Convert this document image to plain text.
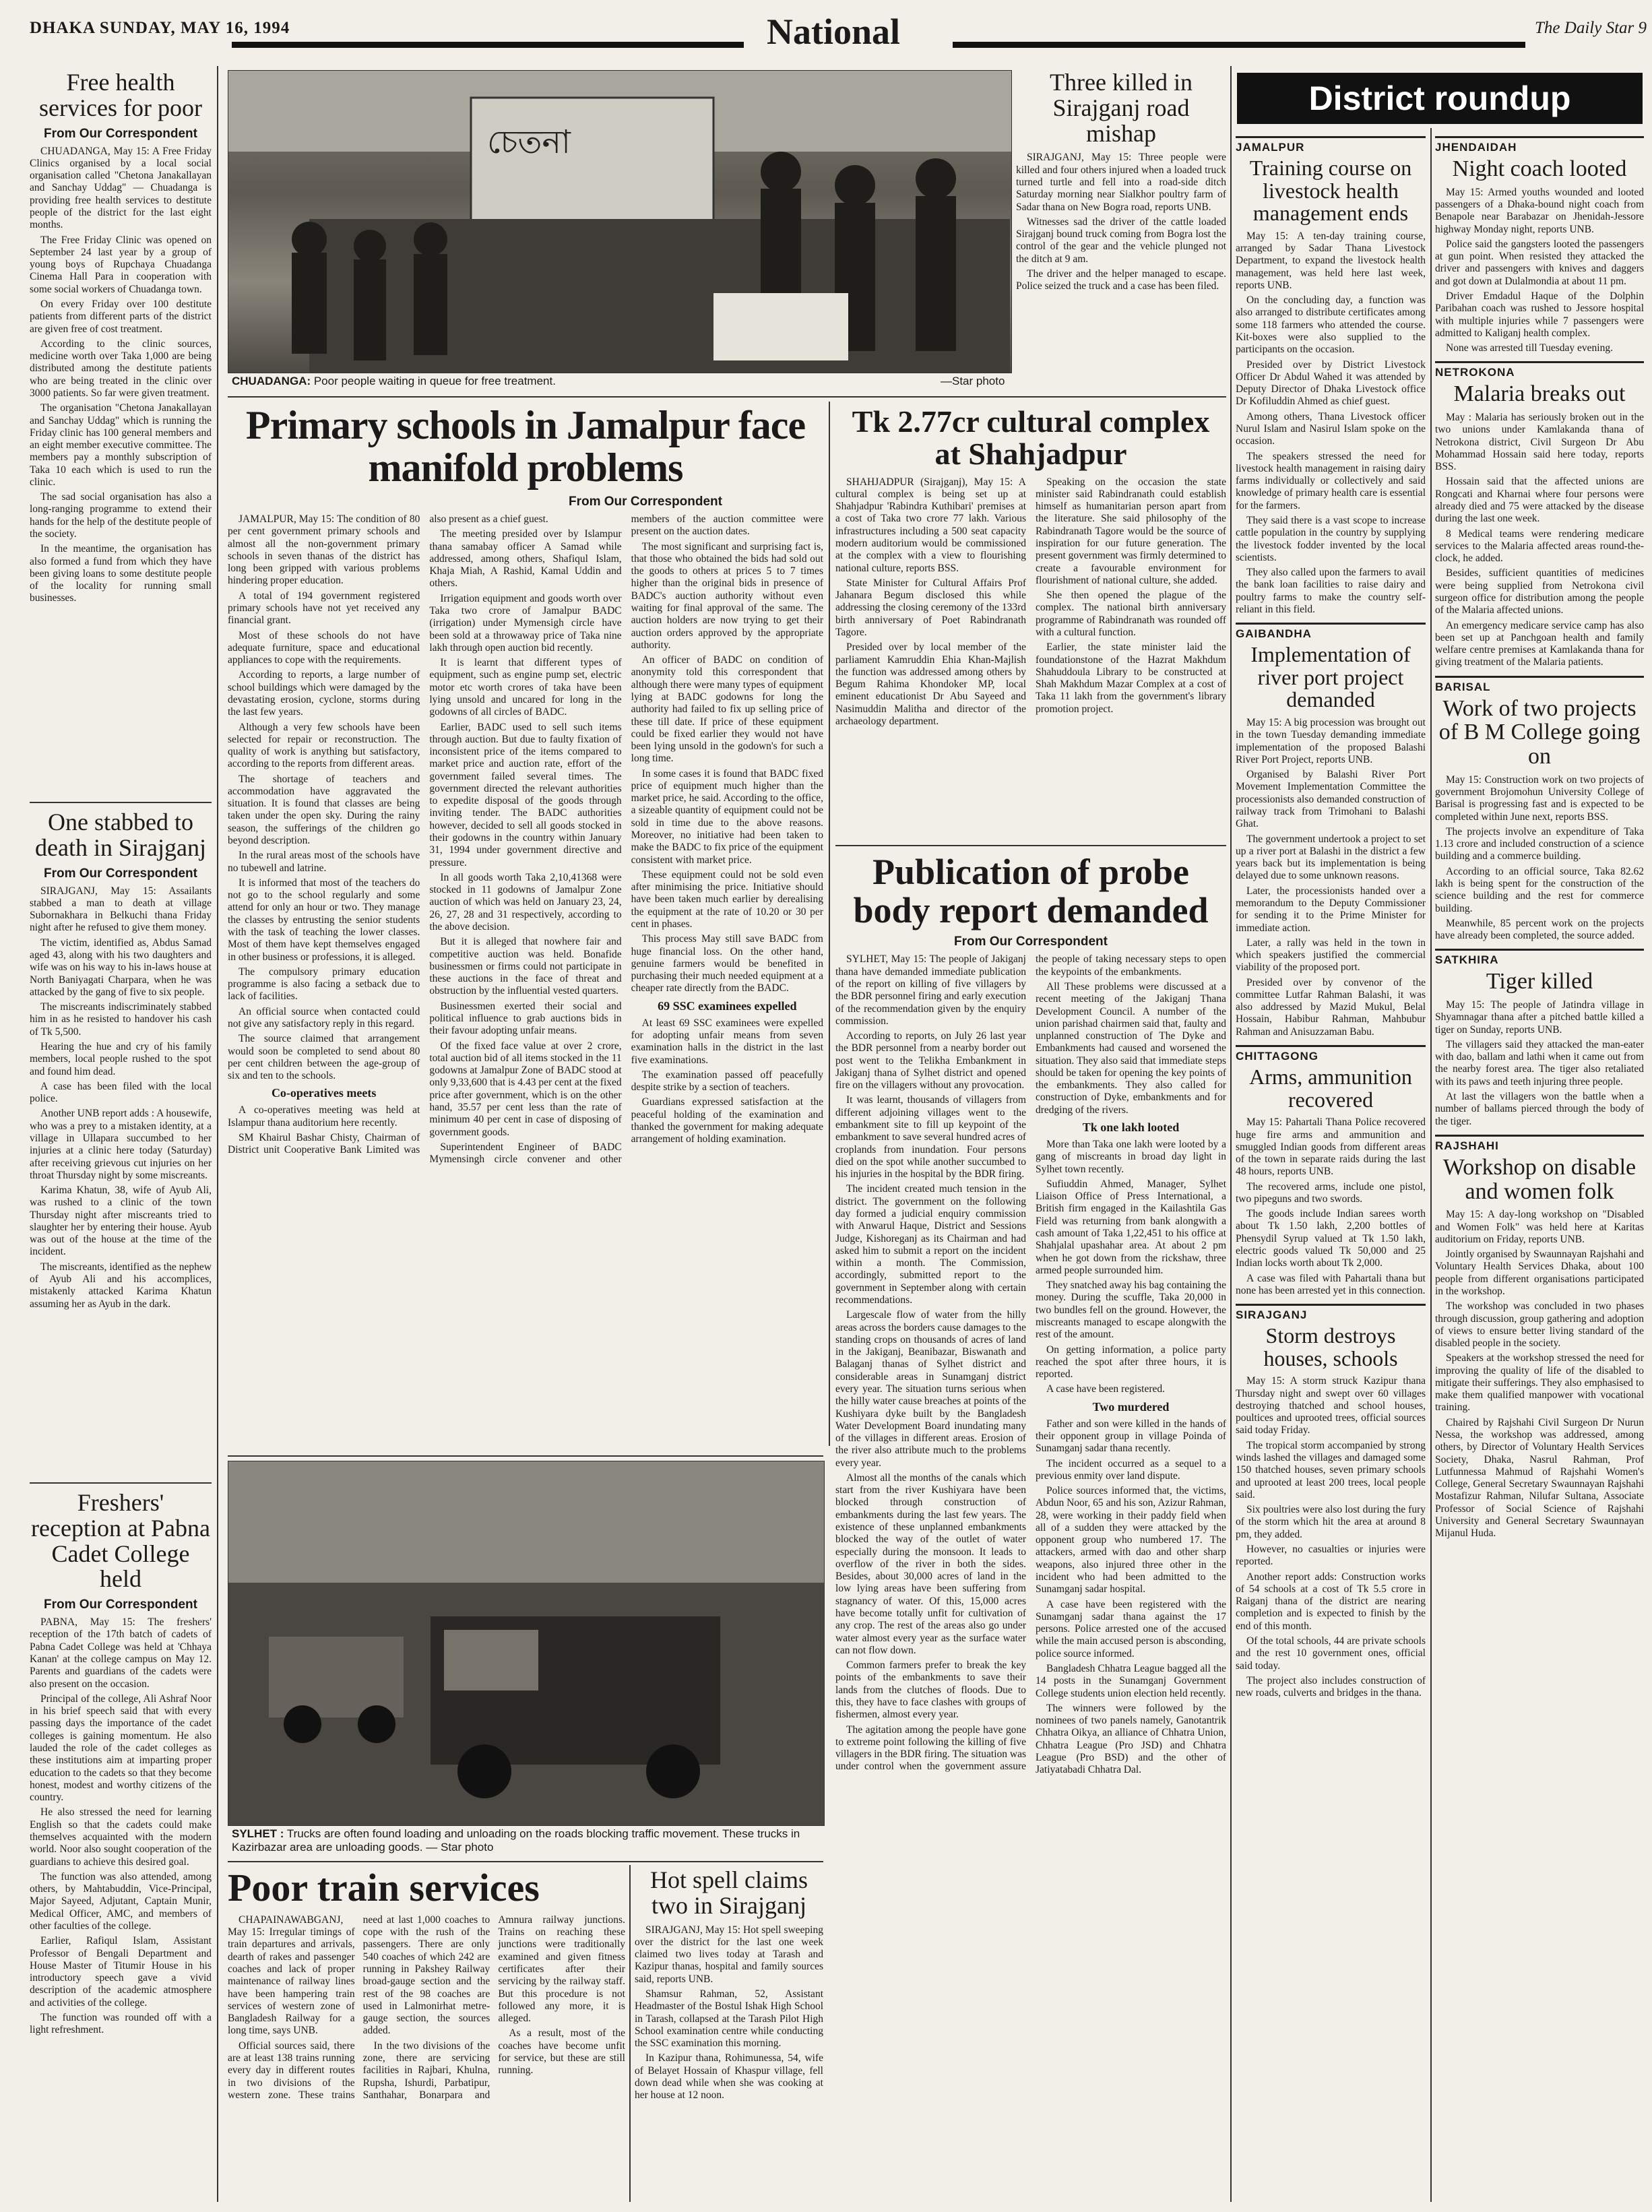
DHAKA SUNDAY, MAY 16, 1994	National	The Daily Star 9
Free health services for poor
From Our Correspondent

CHUADANGA, May 15: A Free Friday Clinics organised by a local social organisation called "Chetona Janakallayan and Sanchay Uddag" — Chuadanga is providing free health services to destitute people of the district for the last eight months.

The Free Friday Clinic was opened on September 24 last year by a group of young boys of Rupchaya Chuadanga Cinema Hall Para in cooperation with some social workers of Chuadanga town.

On every Friday over 100 destitute patients from different parts of the district are given free of cost treatment.

According to the clinic sources, medicine worth over Taka 1,000 are being distributed among the destitute patients who are being treated in the clinic over 3000 patients. So far were given treatment.

The organisation "Chetona Janakallayan and Sanchay Uddag" which is running the Friday clinic has 100 general members and an eight member executive committee. The members pay a monthly subscription of Taka 10 each which is used to run the clinic.

The sad social organisation has also a long-ranging programme to extend their hands for the help of the destitute people of the society.

In the meantime, the organisation has also formed a fund from which they have been giving loans to some destitute people of the locality for running small businesses.

One stabbed to death in Sirajganj
From Our Correspondent

SIRAJGANJ, May 15: Assailants stabbed a man to death at village Subornakhara in Belkuchi thana Friday night after he refused to give them money.

The victim, identified as, Abdus Samad aged 43, along with his two daughters and wife was on his way to his in-laws house at North Baniyagati Charpara, when he was attacked by the gang of five to six people.

The miscreants indiscriminately stabbed him in as he resisted to handover his cash of Tk 5,500.

Hearing the hue and cry of his family members, local people rushed to the spot and found him dead.

A case has been filed with the local police.

Another UNB report adds : A housewife, who was a prey to a mistaken identity, at a village in Ullapara succumbed to her injuries at a clinic here today (Saturday) after receiving grievous cut injuries on her throat Thursday night by some miscreants.

Karima Khatun, 38, wife of Ayub Ali, was rushed to a clinic of the town Thursday night after miscreants tried to slaughter her by entering their house. Ayub was out of the house at the time of the incident.

The miscreants, identified as the nephew of Ayub Ali and his accomplices, mistakenly attacked Karima Khatun assuming her as Ayub in the dark.

Freshers' reception at Pabna Cadet College held
From Our Correspondent

PABNA, May 15: The freshers' reception of the 17th batch of cadets of Pabna Cadet College was held at 'Chhaya Kanan' at the college campus on May 12. Parents and guardians of the cadets were also present on the occasion.

Principal of the college, Ali Ashraf Noor in his brief speech said that with every passing days the importance of the cadet colleges is gaining momentum. He also lauded the role of the cadet colleges as these institutions aim at imparting proper education to the cadets so that they become honest, modest and worthy citizens of the country.

He also stressed the need for learning English so that the cadets could make themselves acquainted with the modern world. Noor also sought cooperation of the guardians to achieve this desired goal.

The function was also attended, among others, by Mahtabuddin, Vice-Principal, Major Sayeed, Adjutant, Captain Munir, Medical Officer, AMC, and members of other faculties of the college.

Earlier, Rafiqul Islam, Assistant Professor of Bengali Department and House Master of Titumir House in his introductory speech gave a vivid description of the academic atmosphere and activities of the college.

The function was rounded off with a light refreshment.

চেতনা
CHUADANGA: Poor people waiting in queue for free treatment.	—Star photo
Three killed in Sirajganj road mishap

SIRAJGANJ, May 15: Three people were killed and four others injured when a loaded truck turned turtle and fell into a road-side ditch Saturday morning near Sialkhor poultry farm of Sadar thana on New Bogra road, reports UNB.

Witnesses sad the driver of the cattle loaded Sirajganj bound truck coming from Bogra lost the control of the gear and the vehicle plunged not the ditch at 9 am.

The driver and the helper managed to escape. Police seized the truck and a case has been filed.

Primary schools in Jamalpur face manifold problems
From Our Correspondent

JAMALPUR, May 15: The condition of 80 per cent government primary schools and almost all the non-government primary schools in seven thanas of the district has long been gripped with various problems hindering proper education.

A total of 194 government registered primary schools have not yet received any financial grant.

Most of these schools do not have adequate furniture, space and educational appliances to cope with the requirements.

According to reports, a large number of school buildings which were damaged by the devastating erosion, cyclone, storms during the last few years.

Although a very few schools have been selected for repair or reconstruction. The quality of work is anything but satisfactory, according to the reports from different areas.

The shortage of teachers and accommodation have aggravated the situation. It is found that classes are being taken under the open sky. During the rainy season, the sufferings of the children go beyond description.

In the rural areas most of the schools have no tubewell and latrine.

It is informed that most of the teachers do not go to the school regularly and some attend for only an hour or two. They manage the classes by entrusting the senior students with the task of teaching the lower classes. Most of them have kept themselves engaged in other business or professions, it is alleged.

The compulsory primary education programme is also facing a setback due to lack of facilities.

An official source when contacted could not give any satisfactory reply in this regard.

The source claimed that arrangement would soon be completed to send about 80 per cent children between the age-group of six and ten to the schools.

Co-operatives meets

A co-operatives meeting was held at Islampur thana auditorium here recently.

SM Khairul Bashar Chisty, Chairman of District unit Cooperative Bank Limited was also present as a chief guest.

The meeting presided over by Islampur thana samabay officer A Samad while addressed, among others, Shafiqul Islam, Khaja Miah, A Rashid, Kamal Uddin and others.

Irrigation equipment and goods worth over Taka two crore of Jamalpur BADC (irrigation) under Mymensigh circle have been sold at a throwaway price of Taka nine lakh through open auction bid recently.

It is learnt that different types of equipment, such as engine pump set, electric motor etc worth crores of taka have been lying unsold and uncared for long in the godowns of all circles of BADC.

Earlier, BADC used to sell such items through auction. But due to faulty fixation of inconsistent price of the items compared to market price and auction rate, effort of the government failed several times. The government directed the relevant authorities to expedite disposal of the goods through inviting tender. The BADC authorities however, decided to sell all goods stocked in their godowns in the country within January 31, 1994 under government directive and pressure.

In all goods worth Taka 2,10,41368 were stocked in 11 godowns of Jamalpur Zone auction of which was held on January 23, 24, 26, 27, 28 and 31 respectively, according to the above decision.

But it is alleged that nowhere fair and competitive auction was held. Bonafide businessmen or firms could not participate in these auctions in the face of threat and obstruction by the influential vested quarters.

Businessmen exerted their social and political influence to grab auctions bids in their favour adopting unfair means.

Of the fixed face value at over 2 crore, total auction bid of all items stocked in the 11 godowns at Jamalpur Zone of BADC stood at only 9,33,600 that is 4.43 per cent at the fixed price after government, which is on the other hand, 35.57 per cent less than the rate of minimum 40 per cent in case of disposing of government goods.

Superintendent Engineer of BADC Mymensingh circle convener and other members of the auction committee were present on the auction dates.

The most significant and surprising fact is, that those who obtained the bids had sold out the goods to others at prices 5 to 7 times higher than the original bids in presence of BADC's auction authority without even waiting for final approval of the same. The auction holders are now trying to get their auction orders approved by the appropriate authority.

An officer of BADC on condition of anonymity told this correspondent that although there were many types of equipment lying at BADC godowns for long the authority had failed to fix up selling price of these till date. If price of these equipment could be fixed earlier they would not have been lying unsold in the godown's for such a long time.

In some cases it is found that BADC fixed price of equipment much higher than the market price, he said. According to the office, a sizeable quantity of equipment could not be sold in time due to the above reasons. Moreover, no initiative had been taken to make the BADC to fix price of the equipment consistent with market price.

These equipment could not be sold even after minimising the price. Initiative should have been taken much earlier by derealising the equipment at the rate of 10.20 or 30 per cent in phases.

This process May still save BADC from huge financial loss. On the other hand, genuine farmers would be benefited in purchasing their much needed equipment at a cheaper rate directly from the BADC.

69 SSC examinees expelled

At least 69 SSC examinees were expelled for adopting unfair means from seven examination halls in the district in the last five examinations.

The examination passed off peacefully despite strike by a section of teachers.

Guardians expressed satisfaction at the peaceful holding of the examination and thanked the government for making adequate arrangement of holding examination.

Tk 2.77cr cultural complex at Shahjadpur

SHAHJADPUR (Sirajganj), May 15: A cultural complex is being set up at Shahjadpur 'Rabindra Kuthibari' premises at a cost of Taka two crore 77 lakh. Various infrastructures including a 500 seat capacity modern auditorium would be commissioned at the complex with a view to flourishing national culture, reports BSS.

State Minister for Cultural Affairs Prof Jahanara Begum disclosed this while addressing the closing ceremony of the 133rd birth anniversary of Poet Rabindranath Tagore.

Presided over by local member of the parliament Kamruddin Ehia Khan-Majlish the function was addressed among others by Begum Rahima Khondoker MP, local eminent educationist Dr Abu Sayeed and Nasimuddin Malitha and director of the archaeology department.

Speaking on the occasion the state minister said Rabindranath could establish himself as humanitarian person apart from the literature. She said philosophy of the Rabindranath Tagore would be the source of inspiration for our future generation. The present government was firmly determined to create a favourable environment for flourishment of national culture, she added.

She then opened the plague of the complex. The national birth anniversary programme of Rabindranath was rounded off with a cultural function.

Earlier, the state minister laid the foundationstone of the Hazrat Makhdum Shahuddoula Library to be constructed at Shah Makhdum Mazar Complex at a cost of Taka 11 lakh from the government's library promotion project.

Publication of probe body report demanded
From Our Correspondent

SYLHET, May 15: The people of Jakiganj thana have demanded immediate publication of the report on killing of five villagers by the BDR personnel firing and early execution of the recommendation given by the enquiry commission.

According to reports, on July 26 last year the BDR personnel from a nearby border out post went to the Telikha Embankment in Jakiganj thana of Sylhet district and opened fire on the villagers without any provocation.

It was learnt, thousands of villagers from different adjoining villages went to the embankment site to fill up keypoint of the embankment to save several hundred acres of croplands from inundation. Four persons died on the spot while another succumbed to his injuries in the hospital by the BDR firing.

The incident created much tension in the district. The government on the following day formed a judicial enquiry commission with Anwarul Haque, District and Sessions Judge, Kishoreganj as its Chairman and had asked him to submit a report on the incident within a month. The Commission, accordingly, submitted report to the government in September along with certain recommendations.

Largescale flow of water from the hilly areas across the borders cause damages to the standing crops on thousands of acres of land in the Jakiganj, Beanibazar, Biswanath and Balaganj thanas of Sylhet district and considerable areas in Sunamganj district every year. The situation turns serious when the hilly water cause breaches at points of the Kushiyara dyke built by the Bangladesh Water Development Board inundating many of the villages in different areas. Erosion of the river also attribute much to the problems every year.

Almost all the months of the canals which start from the river Kushiyara have been blocked through construction of embankments during the last few years. The existence of these unplanned embankments blocked the way of the outlet of water especially during the monsoon. It leads to overflow of the river in both the sides. Besides, about 30,000 acres of land in the low lying areas have been suffering from stagnancy of water. Of this, 15,000 acres have become totally unfit for cultivation of any crop. The rest of the areas also go under water almost every year as the surface water can not flow down.

Common farmers prefer to break the key points of the embankments to save their lands from the clutches of floods. Due to this, they have to face clashes with groups of fishermen, almost every year.

The agitation among the people have gone to extreme point following the killing of five villagers in the BDR firing. The situation was under control when the government assure the people of taking necessary steps to open the keypoints of the embankments.

All These problems were discussed at a recent meeting of the Jakiganj Thana Development Council. A number of the union parishad chairmen said that, faulty and unplanned construction of The Dyke and Embankments had caused and worsened the situation. They also said that immediate steps should be taken for opening the key points of the embankments. They also called for construction of Dyke, embankments and for dredging of the rivers.

Tk one lakh looted

More than Taka one lakh were looted by a gang of miscreants in broad day light in Sylhet town recently.

Sufiuddin Ahmed, Manager, Sylhet Liaison Office of Press International, a British firm engaged in the Kailashtila Gas Field was returning from bank alongwith a cash amount of Taka 1,22,451 to his office at Shahjalal upashahar area. At about 2 pm when he got down from the rickshaw, three armed people surrounded him.

They snatched away his bag containing the money. During the scuffle, Taka 20,000 in two bundles fell on the ground. However, the miscreants managed to escape alongwith the rest of the amount.

On getting information, a police party reached the spot after three hours, it is reported.

A case have been registered.

Two murdered

Father and son were killed in the hands of their opponent group in village Poinda of Sunamganj sadar thana recently.

The incident occurred as a sequel to a previous enmity over land dispute.

Police sources informed that, the victims, Abdun Noor, 65 and his son, Azizur Rahman, 28, were working in their paddy field when all of a sudden they were attacked by the opponent group who numbered 17. The attackers, armed with dao and other sharp weapons, also injured three other in the incident who had been admitted to the Sunamganj sadar hospital.

A case have been registered with the Sunamganj sadar thana against the 17 persons. Police arrested one of the accused while the main accused person is absconding, police source informed.

Bangladesh Chhatra League bagged all the 14 posts in the Sunamganj Government College students union election held recently.

The winners were followed by the nominees of two panels namely, Ganotantrik Chhatra Oikya, an alliance of Chhatra Union, Chhatra League (Pro JSD) and Chhatra League (Pro BSD) and the other of Jatiyatabadi Chhatra Dal.

SYLHET : Trucks are often found loading and unloading on the roads blocking traffic movement. These trucks in Kazirbazar area are unloading goods. — Star photo
Poor train services

CHAPAINAWABGANJ, May 15: Irregular timings of train departures and arrivals, dearth of rakes and passenger coaches and lack of proper maintenance of railway lines have been hampering train services of western zone of Bangladesh Railway for a long time, says UNB.

Official sources said, there are at least 138 trains running every day in different routes in two divisions of the western zone. These trains need at last 1,000 coaches to cope with the rush of the passengers. There are only 540 coaches of which 242 are running in Pakshey Railway broad-gauge section and the rest of the 98 coaches are used in Lalmonirhat metre-gauge section, the sources added.

In the two divisions of the zone, there are servicing facilities in Rajbari, Khulna, Rupsha, Ishurdi, Parbatipur, Santhahar, Bonarpara and Amnura railway junctions. Trains on reaching these junctions were traditionally examined and given fitness certificates after their servicing by the railway staff. But this procedure is not followed any more, it is alleged.

As a result, most of the coaches have become unfit for service, but these are still running.

Hot spell claims two in Sirajganj

SIRAJGANJ, May 15: Hot spell sweeping over the district for the last one week claimed two lives today at Tarash and Kazipur thanas, hospital and family sources said, reports UNB.

Shamsur Rahman, 52, Assistant Headmaster of the Bostul Ishak High School in Tarash, collapsed at the Tarash Pilot High School examination centre while conducting the SSC examination this morning.

In Kazipur thana, Rohimunessa, 54, wife of Belayet Hossain of Khaspur village, fell down dead while when she was cooking at her house at 12 noon.

District roundup
JAMALPUR
Training course on livestock health management ends

May 15: A ten-day training course, arranged by Sadar Thana Livestock Department, to expand the livestock health management, was held here last week, reports UNB.

On the concluding day, a function was also arranged to distribute certificates among some 118 farmers who attended the course. Kit-boxes were also supplied to the participants on the occasion.

Presided over by District Livestock Officer Dr Abdul Wahed it was attended by Deputy Director of Dhaka Livestock office Dr Kofiluddin Ahmed as chief guest.

Among others, Thana Livestock officer Nurul Islam and Nasirul Islam spoke on the occasion.

The speakers stressed the need for livestock health management in raising dairy farms individually or collectively and said knowledge of primary health care is essential for the farmers.

They said there is a vast scope to increase cattle population in the country by supplying the livestock fodder invented by the local scientists.

They also called upon the farmers to avail the bank loan facilities to raise dairy and poultry farms to make the country self-reliant in this field.

GAIBANDHA
Implementation of river port project demanded

May 15: A big procession was brought out in the town Tuesday demanding immediate implementation of the proposed Balashi River Port Project, reports UNB.

Organised by Balashi River Port Movement Implementation Committee the processionists also demanded construction of railway track from Trimohani to Balashi Ghat.

The government undertook a project to set up a river port at Balashi in the district a few years back but its implementation is being delayed due to some unknown reasons.

Later, the processionists handed over a memorandum to the Deputy Commissioner for sending it to the Prime Minister for immediate action.

Later, a rally was held in the town in which speakers justified the commercial viability of the proposed port.

Presided over by convenor of the committee Lutfar Rahman Balashi, it was also addressed by Mazid Mukul, Belal Hossain, Habibur Rahman, Mahbubur Rahman and Anisuzzaman Babu.

CHITTAGONG
Arms, ammunition recovered

May 15: Pahartali Thana Police recovered huge fire arms and ammunition and smuggled Indian goods from different areas of the town in separate raids during the last 48 hours, reports UNB.

The recovered arms, include one pistol, two pipeguns and two swords.

The goods include Indian sarees worth about Tk 1.50 lakh, 2,200 bottles of Phensydil Syrup valued at Tk 1.50 lakh, electric goods valued Tk 50,000 and 25 Indian locks worth about Tk 2,000.

A case was filed with Pahartali thana but none has been arrested yet in this connection.

SIRAJGANJ
Storm destroys houses, schools

May 15: A storm struck Kazipur thana Thursday night and swept over 60 villages destroying thatched and school houses, poultices and uprooted trees, official sources said today Friday.

The tropical storm accompanied by strong winds lashed the villages and damaged some 150 thatched houses, seven primary schools and uprooted at least 200 trees, local people said.

Six poultries were also lost during the fury of the storm which hit the area at around 8 pm, they added.

However, no casualties or injuries were reported.

Another report adds: Construction works of 54 schools at a cost of Tk 5.5 crore in Raiganj thana of the district are nearing completion and is expected to finish by the end of this month.

Of the total schools, 44 are private schools and the rest 10 government ones, official said today.

The project also includes construction of new roads, culverts and bridges in the thana.

JHENDAIDAH
Night coach looted

May 15: Armed youths wounded and looted passengers of a Dhaka-bound night coach from Benapole near Barabazar on Jhenidah-Jessore highway Monday night, reports UNB.

Police said the gangsters looted the passengers at gun point. When resisted they attacked the driver and passengers with knives and daggers and got down at Dulalmondia at about 11 pm.

Driver Emdadul Haque of the Dolphin Paribahan coach was rushed to Jessore hospital with multiple injuries while 7 passengers were admitted to Kaliganj health complex.

None was arrested till Tuesday evening.

NETROKONA
Malaria breaks out

May : Malaria has seriously broken out in the two unions under Kamlakanda thana of Netrokona district, Civil Surgeon Dr Abu Mohammad Hossain said here today, reports BSS.

Hossain said that the affected unions are Rongcati and Kharnai where four persons were already died and 75 were attacked by the disease during the last one week.

8 Medical teams were rendering medicare services to the Malaria affected areas round-the-clock, he added.

Besides, sufficient quantities of medicines were being supplied from Netrokona civil surgeon office for distribution among the people of the Malaria affected unions.

An emergency medicare service camp has also been set up at Panchgoan health and family welfare centre premises at Kamlakanda thana for giving treatment of the Malaria patients.

BARISAL
Work of two projects of B M College going on

May 15: Construction work on two projects of government Brojomohun University College of Barisal is progressing fast and is expected to be completed within June next, reports BSS.

The projects involve an expenditure of Taka 1.13 crore and included construction of a science building and a commerce building.

According to an official source, Taka 82.62 lakh is being spent for the construction of the science building and the rest for commerce building.

Meanwhile, 85 percent work on the projects have already been completed, the source added.

SATKHIRA
Tiger killed

May 15: The people of Jatindra village in Shyamnagar thana after a pitched battle killed a tiger on Sunday, reports UNB.

The villagers said they attacked the man-eater with dao, ballam and lathi when it came out from the nearby forest area. The tiger also retaliated with its paws and teeth injuring three people.

At last the villagers won the battle when a number of ballams pierced through the body of the tiger.

RAJSHAHI
Workshop on disable and women folk

May 15: A day-long workshop on "Disabled and Women Folk" was held here at Karitas auditorium on Friday, reports UNB.

Jointly organised by Swaunnayan Rajshahi and Voluntary Health Services Dhaka, about 100 people from different organisations participated in the workshop.

The workshop was concluded in two phases through discussion, group gathering and adoption of views to ensure better living standard of the disabled people in the society.

Speakers at the workshop stressed the need for improving the quality of life of the disabled to mitigate their sufferings. They also emphasised to make them qualified manpower with vocational training.

Chaired by Rajshahi Civil Surgeon Dr Nurun Nessa, the workshop was addressed, among others, by Director of Voluntary Health Services Society, Dhaka, Nasrul Rahman, Prof Lutfunnessa Mahmud of Rajshahi Women's College, General Secretary Swaunnayan Rajshahi Mostafizur Rahman, Nilufar Sultana, Associate Professor of Social Science of Rajshahi University and General Secretary Swaunnayan Mijanul Huda.
